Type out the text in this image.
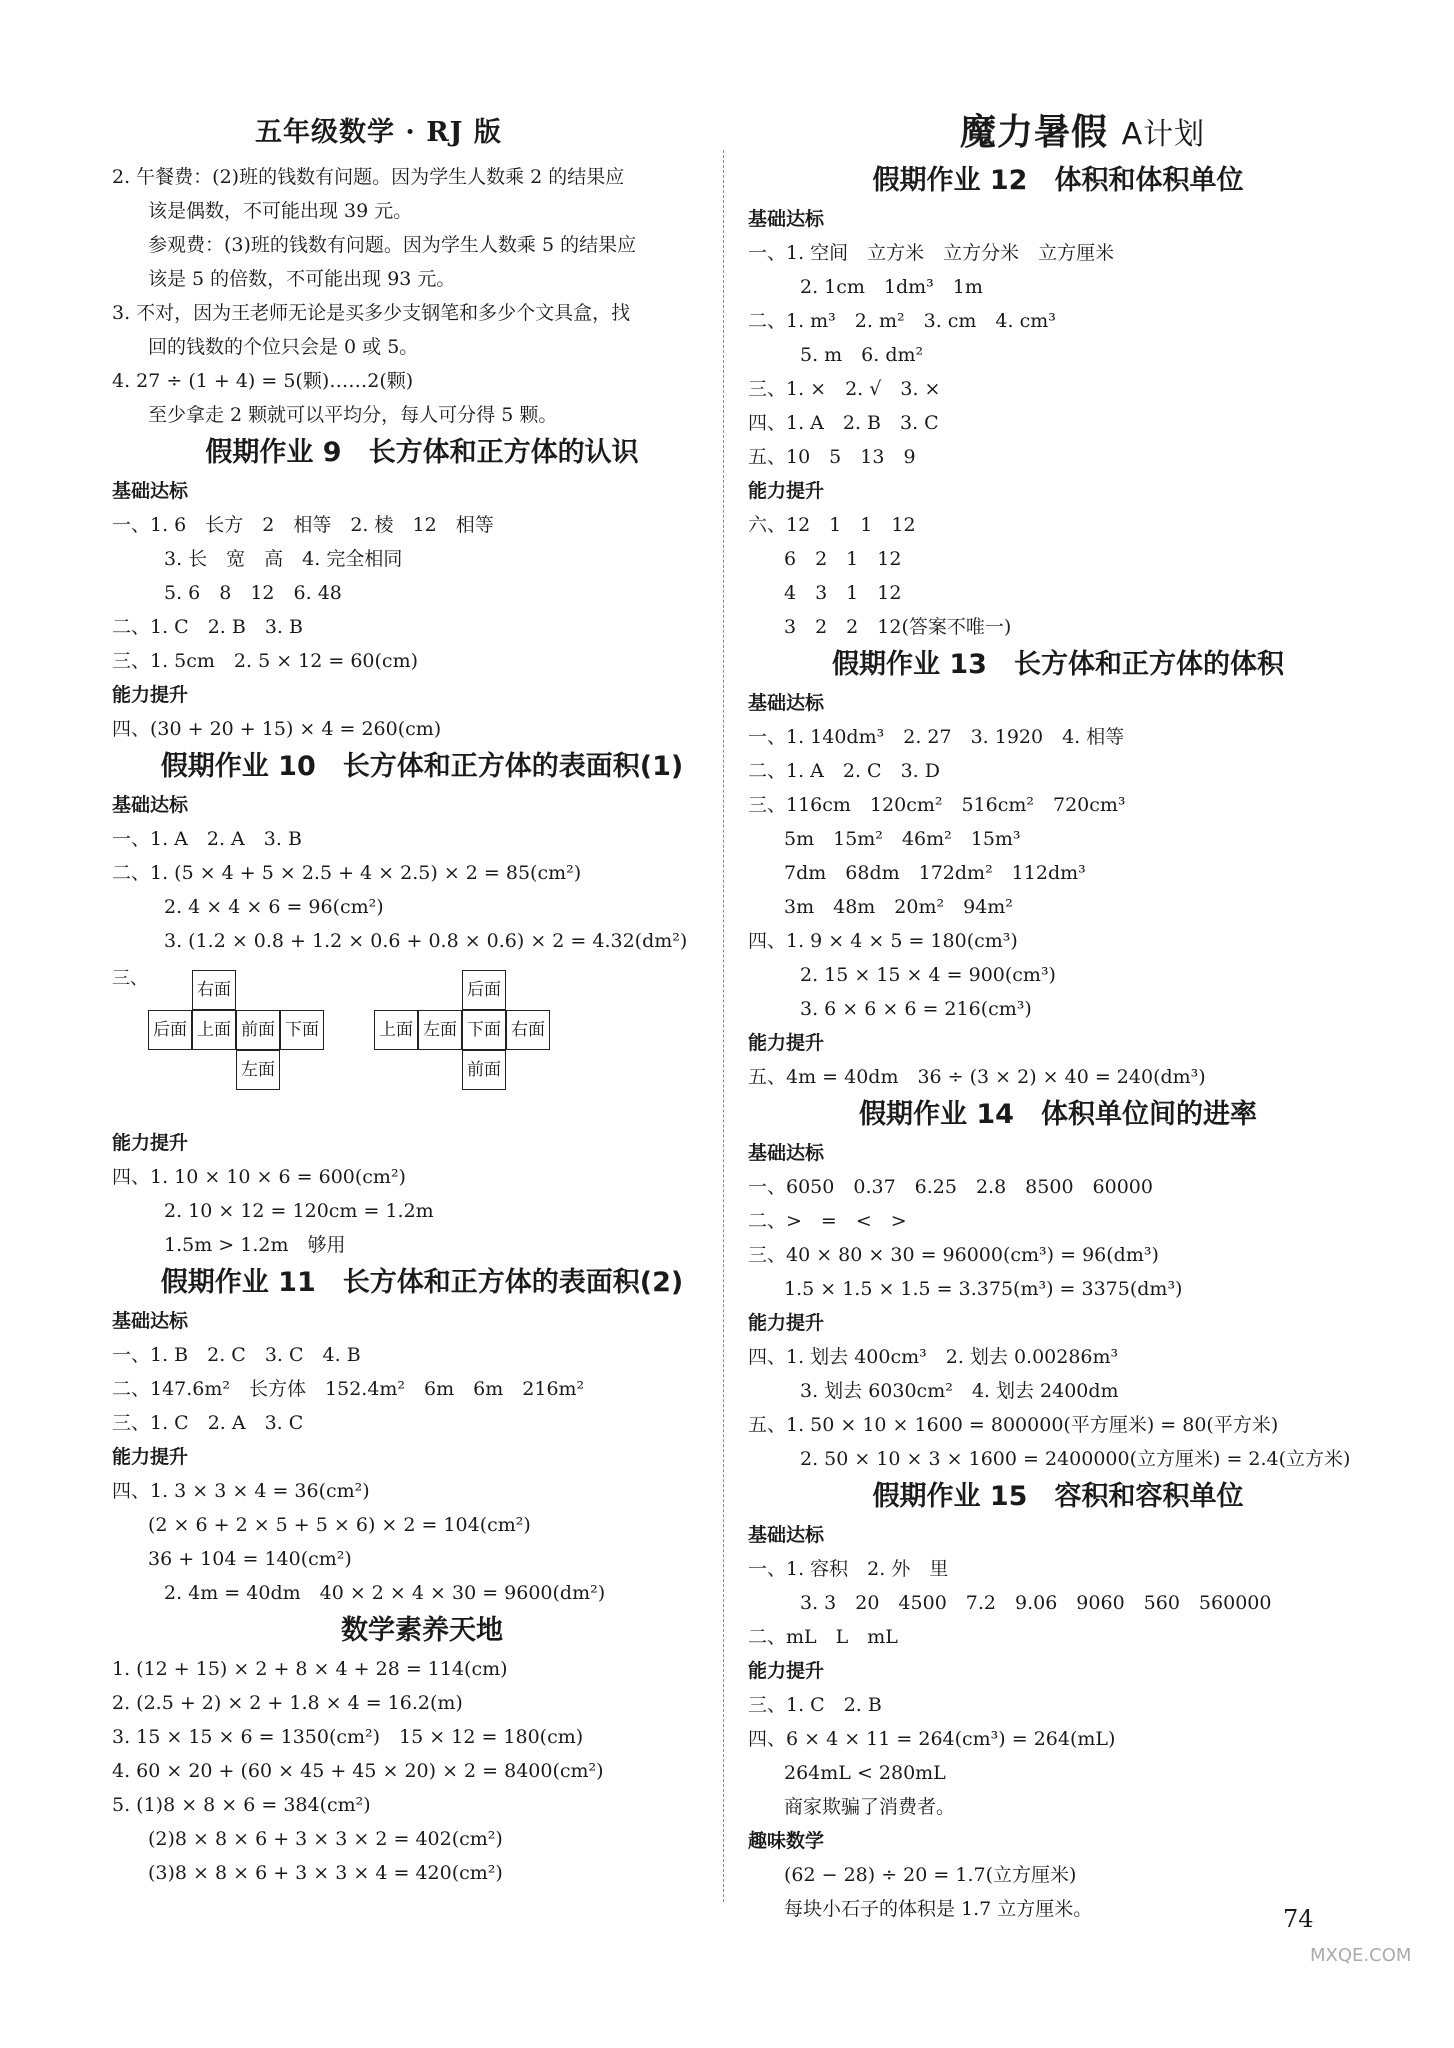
五年级数学 · RJ 版	魔力暑假 A计划
2. 午餐费：(2)班的钱数有问题。因为学生人数乘 2 的结果应
该是偶数，不可能出现 39 元。
参观费：(3)班的钱数有问题。因为学生人数乘 5 的结果应
该是 5 的倍数，不可能出现 93 元。
3. 不对，因为王老师无论是买多少支钢笔和多少个文具盒，找
回的钱数的个位只会是 0 或 5。
4. 27 ÷ (1 + 4) = 5(颗)……2(颗)
至少拿走 2 颗就可以平均分，每人可分得 5 颗。
假期作业 9　长方体和正方体的认识
基础达标
一、1. 6　长方　2　相等　2. 棱　12　相等
3. 长　宽　高　4. 完全相同
5. 6　8　12　6. 48
二、1. C　2. B　3. B
三、1. 5cm　2. 5 × 12 = 60(cm)
能力提升
四、(30 + 20 + 15) × 4 = 260(cm)
假期作业 10　长方体和正方体的表面积(1)
基础达标
一、1. A　2. A　3. B
二、1. (5 × 4 + 5 × 2.5 + 4 × 2.5) × 2 = 85(cm²)
2. 4 × 4 × 6 = 96(cm²)
3. (1.2 × 0.8 + 1.2 × 0.6 + 0.8 × 0.6) × 2 = 4.32(dm²)
三、
后面 上面 前面 下面
右面
左面
上面 左面 下面 右面
后面
前面
能力提升
四、1. 10 × 10 × 6 = 600(cm²)
2. 10 × 12 = 120cm = 1.2m
1.5m > 1.2m　够用
假期作业 11　长方体和正方体的表面积(2)
基础达标
一、1. B　2. C　3. C　4. B
二、147.6m²　长方体　152.4m²　6m　6m　216m²
三、1. C　2. A　3. C
能力提升
四、1. 3 × 3 × 4 = 36(cm²)
(2 × 6 + 2 × 5 + 5 × 6) × 2 = 104(cm²)
36 + 104 = 140(cm²)
2. 4m = 40dm　40 × 2 × 4 × 30 = 9600(dm²)
数学素养天地
1. (12 + 15) × 2 + 8 × 4 + 28 = 114(cm)
2. (2.5 + 2) × 2 + 1.8 × 4 = 16.2(m)
3. 15 × 15 × 6 = 1350(cm²)　15 × 12 = 180(cm)
4. 60 × 20 + (60 × 45 + 45 × 20) × 2 = 8400(cm²)
5. (1)8 × 8 × 6 = 384(cm²)
(2)8 × 8 × 6 + 3 × 3 × 2 = 402(cm²)
(3)8 × 8 × 6 + 3 × 3 × 4 = 420(cm²)
假期作业 12　体积和体积单位
基础达标
一、1. 空间　立方米　立方分米　立方厘米
2. 1cm　1dm³　1m
二、1. m³　2. m²　3. cm　4. cm³
5. m　6. dm²
三、1. ×　2. √　3. ×
四、1. A　2. B　3. C
五、10　5　13　9
能力提升
六、12　1　1　12
6　2　1　12
4　3　1　12
3　2　2　12(答案不唯一)
假期作业 13　长方体和正方体的体积
基础达标
一、1. 140dm³　2. 27　3. 1920　4. 相等
二、1. A　2. C　3. D
三、116cm　120cm²　516cm²　720cm³
5m　15m²　46m²　15m³
7dm　68dm　172dm²　112dm³
3m　48m　20m²　94m²
四、1. 9 × 4 × 5 = 180(cm³)
2. 15 × 15 × 4 = 900(cm³)
3. 6 × 6 × 6 = 216(cm³)
能力提升
五、4m = 40dm　36 ÷ (3 × 2) × 40 = 240(dm³)
假期作业 14　体积单位间的进率
基础达标
一、6050　0.37　6.25　2.8　8500　60000
二、>　=　<　>
三、40 × 80 × 30 = 96000(cm³) = 96(dm³)
1.5 × 1.5 × 1.5 = 3.375(m³) = 3375(dm³)
能力提升
四、1. 划去 400cm³　2. 划去 0.00286m³
3. 划去 6030cm²　4. 划去 2400dm
五、1. 50 × 10 × 1600 = 800000(平方厘米) = 80(平方米)
2. 50 × 10 × 3 × 1600 = 2400000(立方厘米) = 2.4(立方米)
假期作业 15　容积和容积单位
基础达标
一、1. 容积　2. 外　里
3. 3　20　4500　7.2　9.06　9060　560　560000
二、mL　L　mL
能力提升
三、1. C　2. B
四、6 × 4 × 11 = 264(cm³) = 264(mL)
264mL < 280mL
商家欺骗了消费者。
趣味数学
(62 − 28) ÷ 20 = 1.7(立方厘米)
每块小石子的体积是 1.7 立方厘米。	74
MXQE.COM
